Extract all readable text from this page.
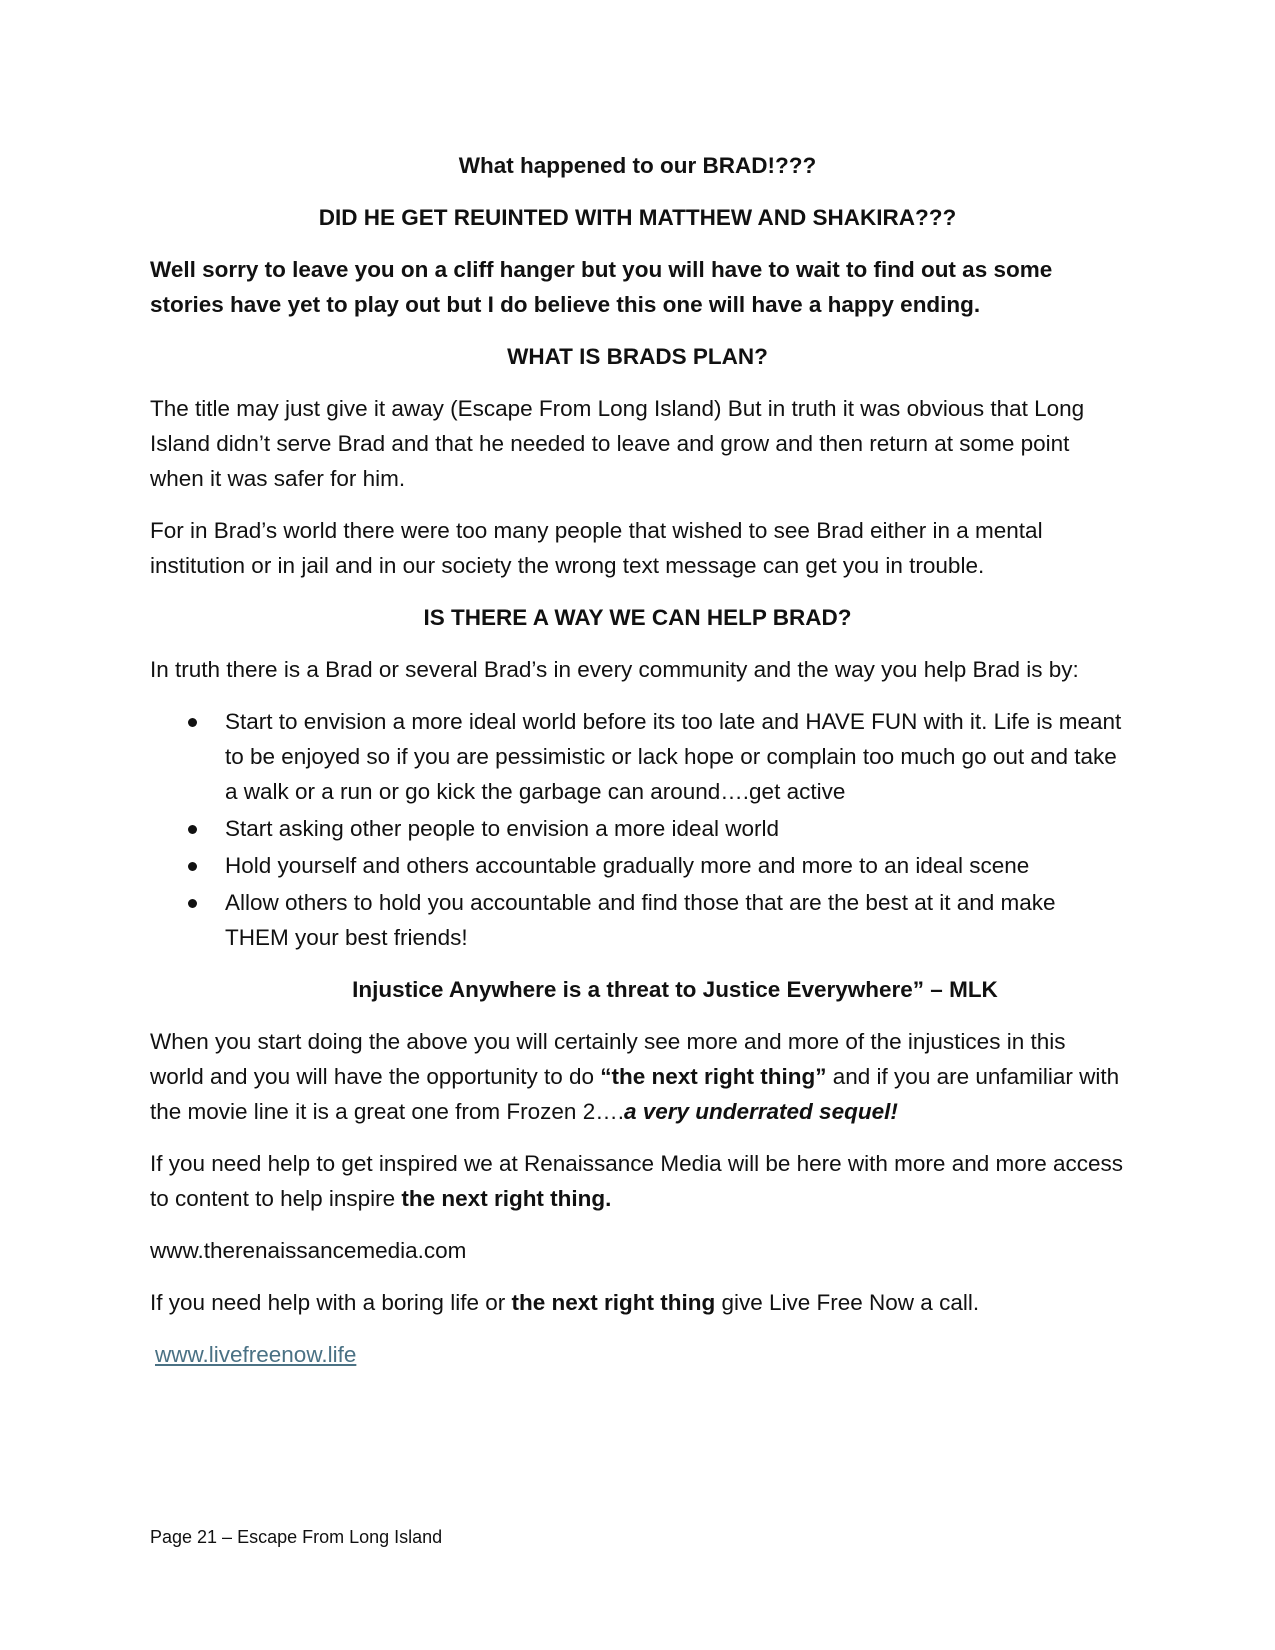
What happened to our BRAD!???

DID HE GET REUINTED WITH MATTHEW AND SHAKIRA???

Well sorry to leave you on a cliff hanger but you will have to wait to find out as some stories have yet to play out but I do believe this one will have a happy ending.

WHAT IS BRADS PLAN?

The title may just give it away (Escape From Long Island) But in truth it was obvious that Long Island didn’t serve Brad and that he needed to leave and grow and then return at some point when it was safer for him.

For in Brad’s world there were too many people that wished to see Brad either in a mental institution or in jail and in our society the wrong text message can get you in trouble.

IS THERE A WAY WE CAN HELP BRAD?

In truth there is a Brad or several Brad’s in every community and the way you help Brad is by:

Start to envision a more ideal world before its too late and HAVE FUN with it. Life is meant to be enjoyed so if you are pessimistic or lack hope or complain too much go out and take a walk or a run or go kick the garbage can around….get active
Start asking other people to envision a more ideal world
Hold yourself and others accountable gradually more and more to an ideal scene
Allow others to hold you accountable and find those that are the best at it and make THEM your best friends!

Injustice Anywhere is a threat to Justice Everywhere” – MLK

When you start doing the above you will certainly see more and more of the injustices in this world and you will have the opportunity to do “the next right thing” and if you are unfamiliar with the movie line it is a great one from Frozen 2….a very underrated sequel!

If you need help to get inspired we at Renaissance Media will be here with more and more access to content to help inspire the next right thing.

www.therenaissancemedia.com

If you need help with a boring life or the next right thing give Live Free Now a call.

www.livefreenow.life

Page 21 – Escape From Long Island
